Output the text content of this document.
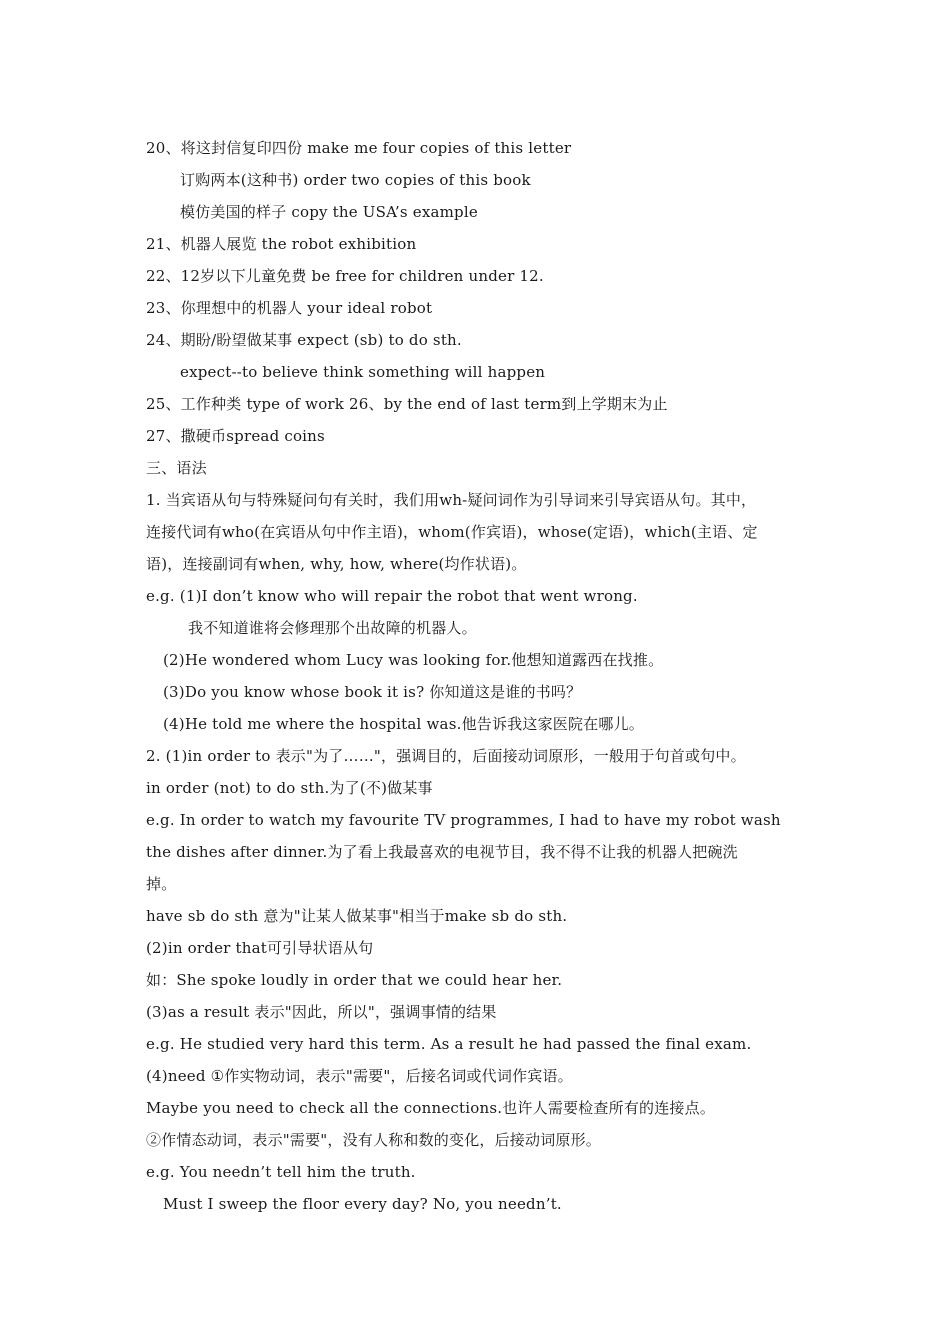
20、将这封信复印四份 make me four copies of this letter
订购两本(这种书) order two copies of this book
模仿美国的样子 copy the USA’s example
21、机器人展览 the robot exhibition
22、12岁以下儿童免费 be free for children under 12.
23、你理想中的机器人 your ideal robot
24、期盼/盼望做某事 expect (sb) to do sth.
expect--to believe think something will happen
25、工作种类 type of work 26、by the end of last term到上学期末为止
27、撒硬币spread coins
三、语法
1. 当宾语从句与特殊疑问句有关时，我们用wh-疑问词作为引导词来引导宾语从句。其中，
连接代词有who(在宾语从句中作主语)，whom(作宾语)，whose(定语)，which(主语、定
语)，连接副词有when, why, how, where(均作状语)。
e.g. (1)I don’t know who will repair the robot that went wrong.
我不知道谁将会修理那个出故障的机器人。
(2)He wondered whom Lucy was looking for.他想知道露西在找推。
(3)Do you know whose book it is? 你知道这是谁的书吗？
(4)He told me where the hospital was.他告诉我这家医院在哪儿。
2. (1)in order to 表示"为了……"，强调目的，后面接动词原形，一般用于句首或句中。
in order (not) to do sth.为了(不)做某事
e.g. In order to watch my favourite TV programmes, I had to have my robot wash
the dishes after dinner.为了看上我最喜欢的电视节目，我不得不让我的机器人把碗洗
掉。
have sb do sth 意为"让某人做某事"相当于make sb do sth.
(2)in order that可引导状语从句
如：She spoke loudly in order that we could hear her.
(3)as a result 表示"因此，所以"，强调事情的结果
e.g. He studied very hard this term. As a result he had passed the final exam.
(4)need ①作实物动词，表示"需要"，后接名词或代词作宾语。
Maybe you need to check all the connections.也许人需要检查所有的连接点。
②作情态动词，表示"需要"，没有人称和数的变化，后接动词原形。
e.g. You needn’t tell him the truth.
Must I sweep the floor every day? No, you needn’t.
